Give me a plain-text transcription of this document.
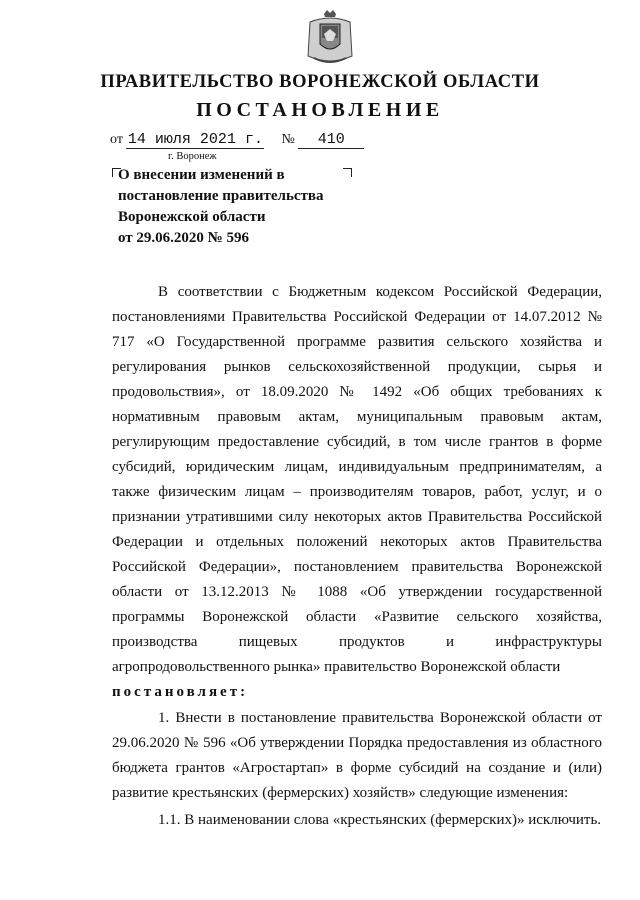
ПРАВИТЕЛЬСТВО ВОРОНЕЖСКОЙ ОБЛАСТИ
ПОСТАНОВЛЕНИЕ
от 14 июля 2021 г. № 410
г. Воронеж
О внесении изменений в
постановление правительства
Воронежской области
от 29.06.2020 № 596

В соответствии с Бюджетным кодексом Российской Федерации, постановлениями Правительства Российской Федерации от 14.07.2012 № 717 «О Государственной программе развития сельского хозяйства и регулирования рынков сельскохозяйственной продукции, сырья и продовольствия», от 18.09.2020 № 1492 «Об общих требованиях к нормативным правовым актам, муниципальным правовым актам, регулирующим предоставление субсидий, в том числе грантов в форме субсидий, юридическим лицам, индивидуальным предпринимателям, а также физическим лицам – производителям товаров, работ, услуг, и о признании утратившими силу некоторых актов Правительства Российской Федерации и отдельных положений некоторых актов Правительства Российской Федерации», постановлением правительства Воронежской области от 13.12.2013 № 1088 «Об утверждении государственной программы Воронежской области «Развитие сельского хозяйства, производства пищевых продуктов и инфраструктуры агропродовольственного рынка» правительство Воронежской области

постановляет:

1. Внести в постановление правительства Воронежской области от 29.06.2020 № 596 «Об утверждении Порядка предоставления из областного бюджета грантов «Агростартап» в форме субсидий на создание и (или) развитие крестьянских (фермерских) хозяйств» следующие изменения:

1.1. В наименовании слова «крестьянских (фермерских)» исключить.
